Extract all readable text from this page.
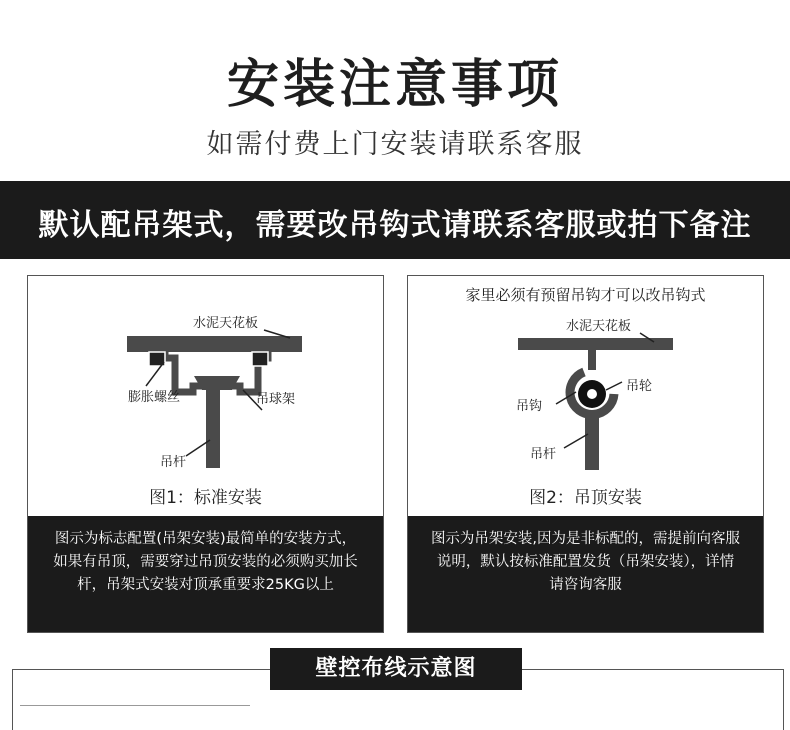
安装注意事项
如需付费上门安装请联系客服
默认配吊架式，需要改吊钩式请联系客服或拍下备注
水泥天花板
膨胀螺丝	吊球架
吊杆
图1：标准安装
图示为标志配置(吊架安装)最简单的安装方式，如果有吊顶，需要穿过吊顶安装的必须购买加长杆，吊架式安装对顶承重要求25KG以上
家里必须有预留吊钩才可以改吊钩式
水泥天花板
吊钩
吊轮
吊杆
图2：吊顶安装
图示为吊架安装,因为是非标配的，需提前向客服说明，默认按标准配置发货（吊架安装），详情请咨询客服
壁控布线示意图
